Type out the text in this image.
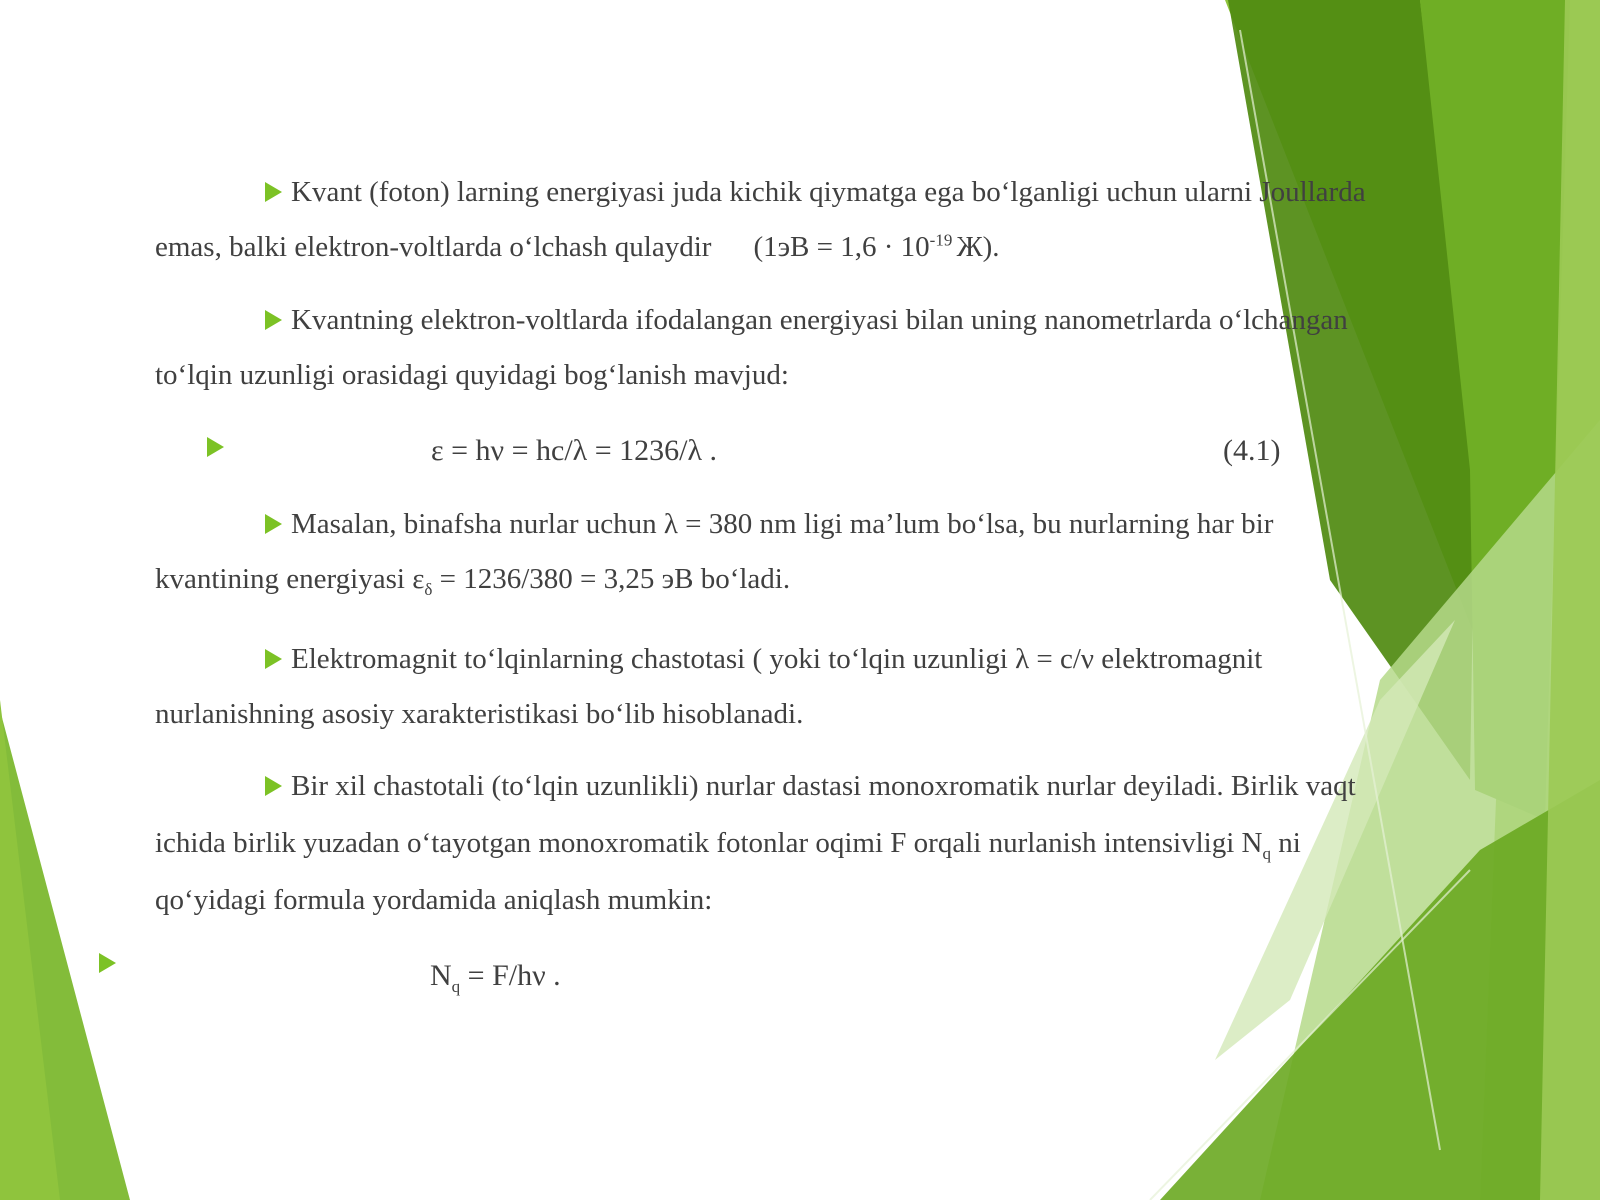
Kvant (foton) larning energiyasi juda kichik qiymatga ega bo‘lganligi uchun ularni Joullarda
emas, balki elektron-voltlarda o‘lchash qulaydir ($1эВ = 1,6 \cdot 10^{-19}$ Ж).
Kvantning elektron-voltlarda ifodalangan energiyasi bilan uning nanometrlarda o‘lchangan
to‘lqin uzunligi orasidagi quyidagi bog‘lanish mavjud:
ε = hν = hc/λ = 1236/λ .	(4.1)
Masalan, binafsha nurlar uchun λ = 380 nm ligi ma’lum bo‘lsa, bu nurlarning har bir
kvantining energiyasi $\varepsilon_\delta = 1236/380 = 3,25$ эВ bo‘ladi.
Elektromagnit to‘lqinlarning chastotasi ( yoki to‘lqin uzunligi λ = c/ν elektromagnit
nurlanishning asosiy xarakteristikasi bo‘lib hisoblanadi.
Bir xil chastotali (to‘lqin uzunlikli) nurlar dastasi monoxromatik nurlar deyiladi. Birlik vaqt
ichida birlik yuzadan o‘tayotgan monoxromatik fotonlar oqimi F orqali nurlanish intensivligi $N_q$ ni
qo‘yidagi formula yordamida aniqlash mumkin:
$N_q = F/h\nu$ .
